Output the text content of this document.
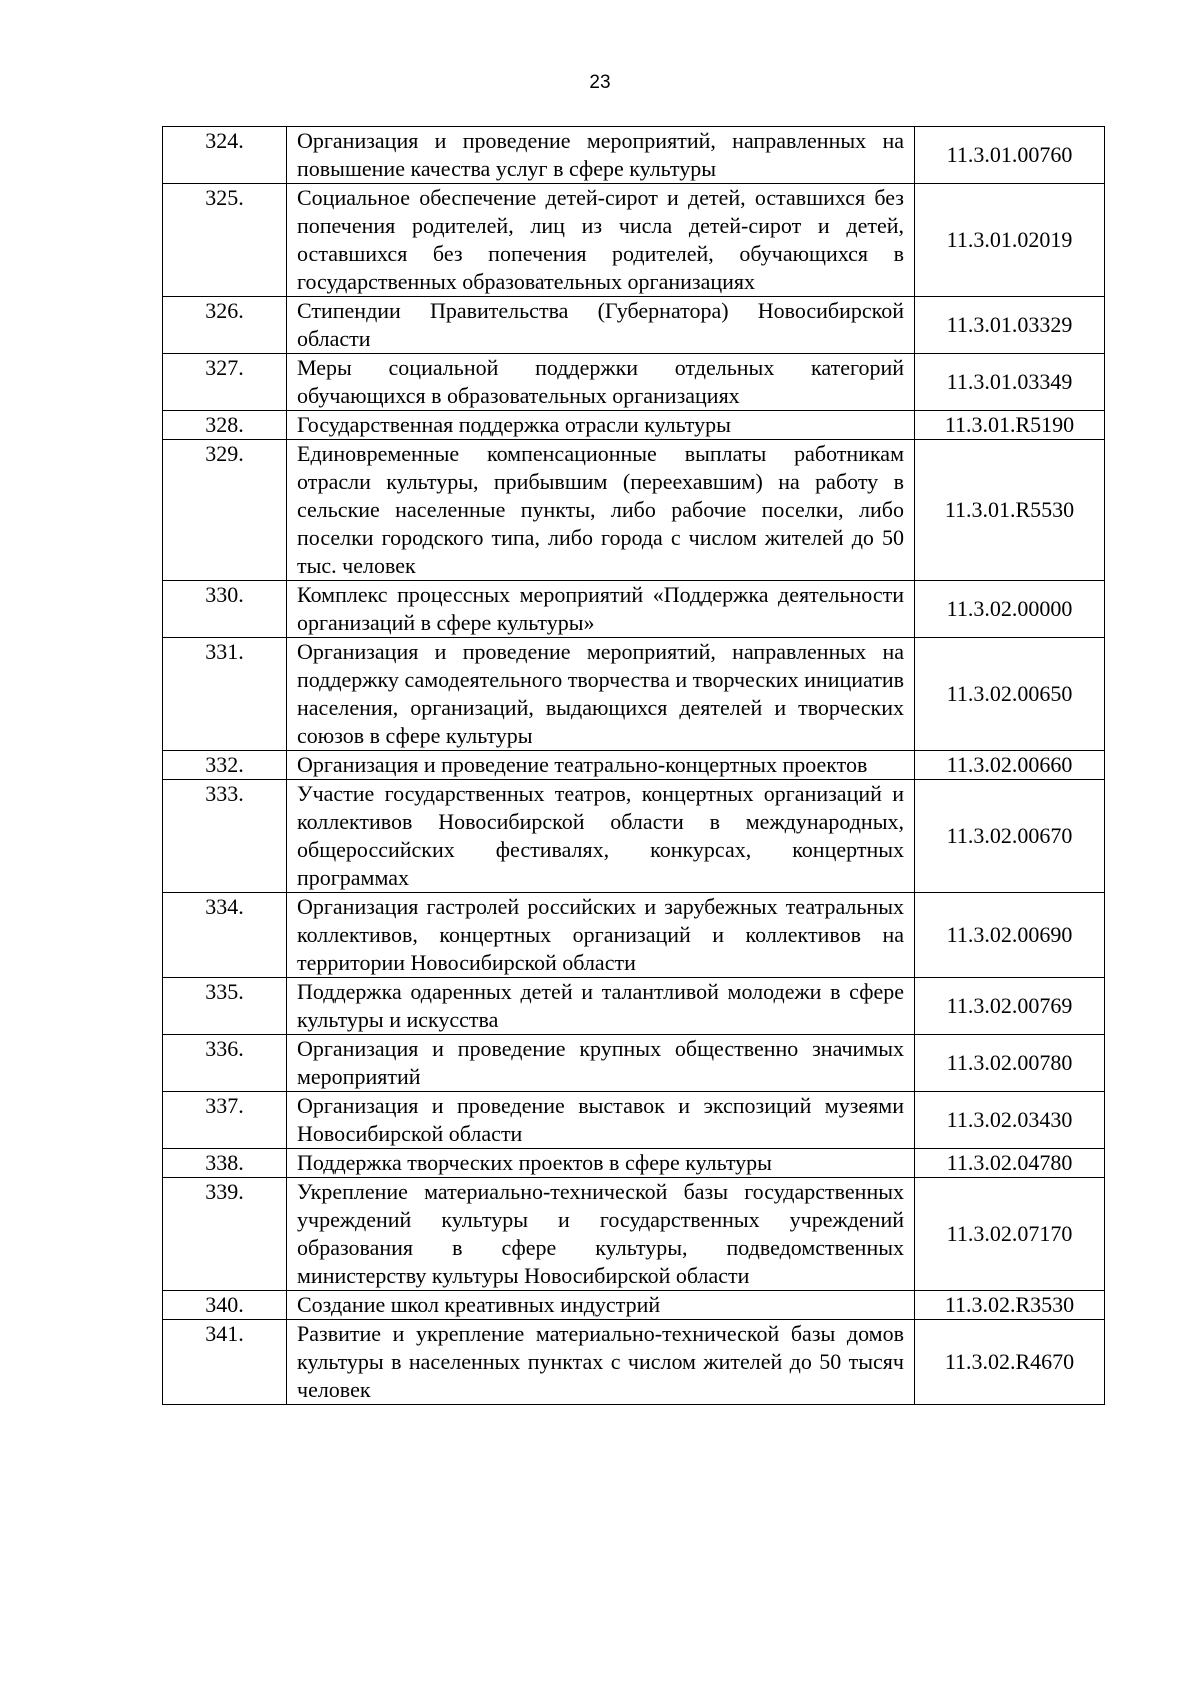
23
324.	Организация и проведение мероприятий, направленных на повышение качества услуг в сфере культуры	11.3.01.00760
325.	Социальное обеспечение детей-сирот и детей, оставшихся без попечения родителей, лиц из числа детей-сирот и детей, оставшихся без попечения родителей, обучающихся в государственных образовательных организациях	11.3.01.02019
326.	Стипендии Правительства (Губернатора) Новосибирской области	11.3.01.03329
327.	Меры социальной поддержки отдельных категорий обучающихся в образовательных организациях	11.3.01.03349
328.	Государственная поддержка отрасли культуры	11.3.01.R5190
329.	Единовременные компенсационные выплаты работникам отрасли культуры, прибывшим (переехавшим) на работу в сельские населенные пункты, либо рабочие поселки, либо поселки городского типа, либо города с числом жителей до 50 тыс. человек	11.3.01.R5530
330.	Комплекс процессных мероприятий «Поддержка деятельности организаций в сфере культуры»	11.3.02.00000
331.	Организация и проведение мероприятий, направленных на поддержку самодеятельного творчества и творческих инициатив населения, организаций, выдающихся деятелей и творческих союзов в сфере культуры	11.3.02.00650
332.	Организация и проведение театрально-концертных проектов	11.3.02.00660
333.	Участие государственных театров, концертных организаций и коллективов Новосибирской области в международных, общероссийских фестивалях, конкурсах, концертных программах	11.3.02.00670
334.	Организация гастролей российских и зарубежных театральных коллективов, концертных организаций и коллективов на территории Новосибирской области	11.3.02.00690
335.	Поддержка одаренных детей и талантливой молодежи в сфере культуры и искусства	11.3.02.00769
336.	Организация и проведение крупных общественно значимых мероприятий	11.3.02.00780
337.	Организация и проведение выставок и экспозиций музеями Новосибирской области	11.3.02.03430
338.	Поддержка творческих проектов в сфере культуры	11.3.02.04780
339.	Укрепление материально-технической базы государственных учреждений культуры и государственных учреждений образования в сфере культуры, подведомственных министерству культуры Новосибирской области	11.3.02.07170
340.	Создание школ креативных индустрий	11.3.02.R3530
341.	Развитие и укрепление материально-технической базы домов культуры в населенных пунктах с числом жителей до 50 тысяч человек	11.3.02.R4670
